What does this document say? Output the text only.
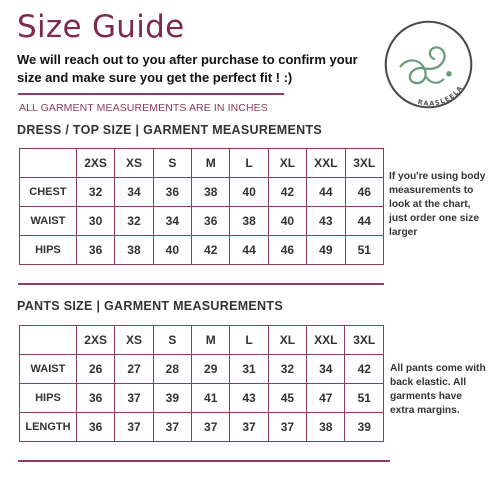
Size Guide

We will reach out to you after purchase to confirm your size and make sure you get the perfect fit ! :)

RAASLEELA

ALL GARMENT MEASUREMENTS ARE IN INCHES

DRESS / TOP SIZE | GARMENT MEASUREMENTS
	2XS	XS	S	M	L	XL	XXL	3XL
CHEST	32	34	36	38	40	42	44	46
WAIST	30	32	34	36	38	40	43	44
HIPS	36	38	40	42	44	46	49	51

If you're using body measurements to look at the chart, just order one size larger

PANTS SIZE | GARMENT MEASUREMENTS
	2XS	XS	S	M	L	XL	XXL	3XL
WAIST	26	27	28	29	31	32	34	42
HIPS	36	37	39	41	43	45	47	51
LENGTH	36	37	37	37	37	37	38	39

All pants come with back elastic. All garments have extra margins.
